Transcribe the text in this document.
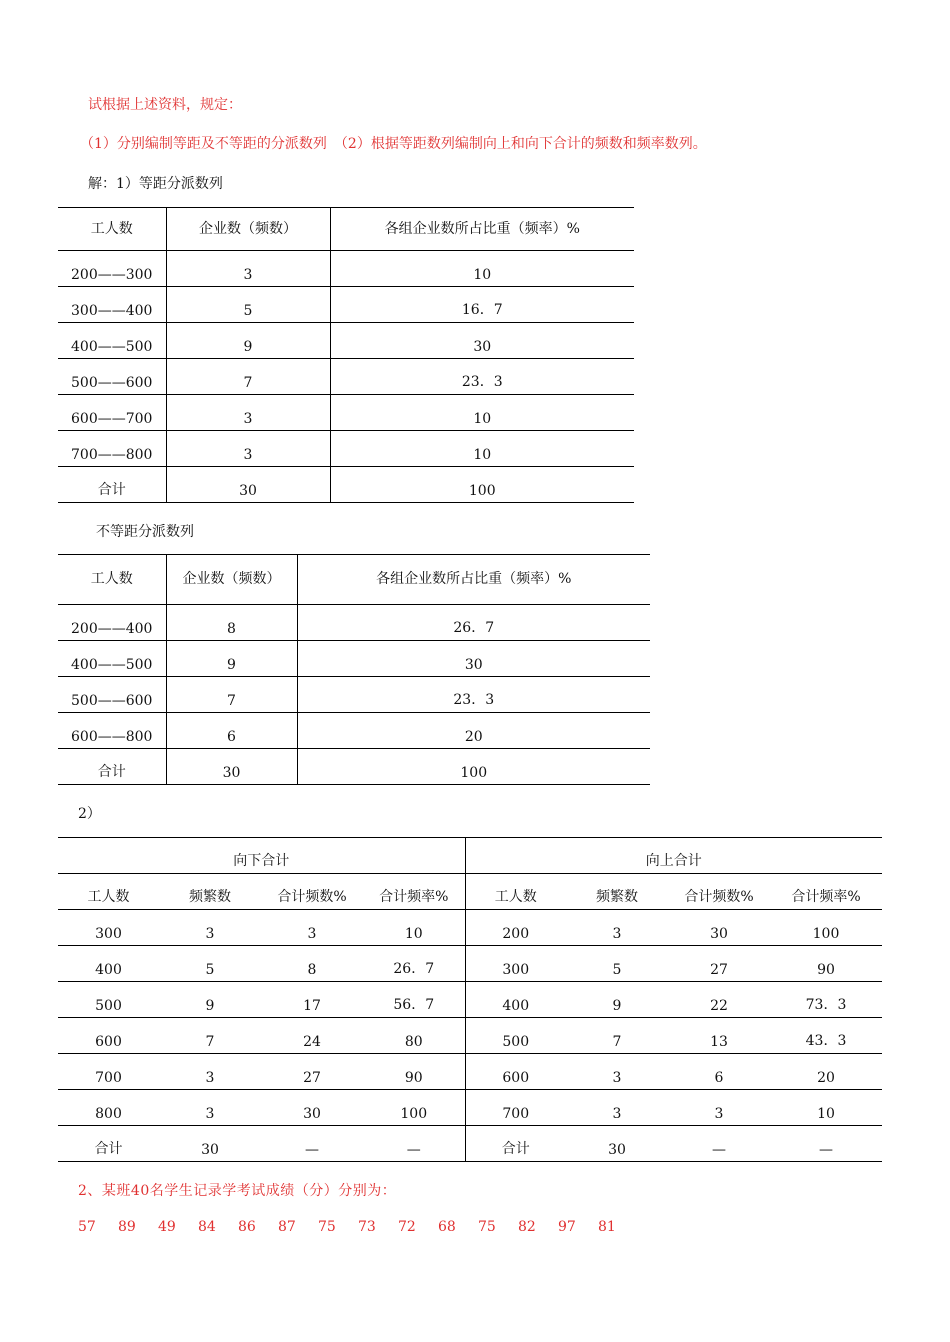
试根据上述资料，规定：
（1）分别编制等距及不等距的分派数列　（2）根据等距数列编制向上和向下合计的频数和频率数列。
解：1）等距分派数列
工人数	企业数（频数）	各组企业数所占比重（频率）%
200——300	3	10
300——400	5	16．7
400——500	9	30
500——600	7	23．3
600——700	3	10
700——800	3	10
合计	30	100
不等距分派数列
工人数	企业数（频数）	各组企业数所占比重（频率）%
200——400	8	26．7
400——500	9	30
500——600	7	23．3
600——800	6	20
合计	30	100
2）
向下合计				向上合计			
工人数	频繁数	合计频数%	合计频率%	工人数	频繁数	合计频数%	合计频率%
300	3	3	10	200	3	30	100
400	5	8	26．7	300	5	27	90
500	9	17	56．7	400	9	22	73．3
600	7	24	80	500	7	13	43．3
700	3	27	90	600	3	6	20
800	3	30	100	700	3	3	10
合计	30	—	—	合计	30	—	—
2、某班40名学生记录学考试成绩（分）分别为：
57 89 49 84 86 87 75 73 72 68 75 82 97 81
